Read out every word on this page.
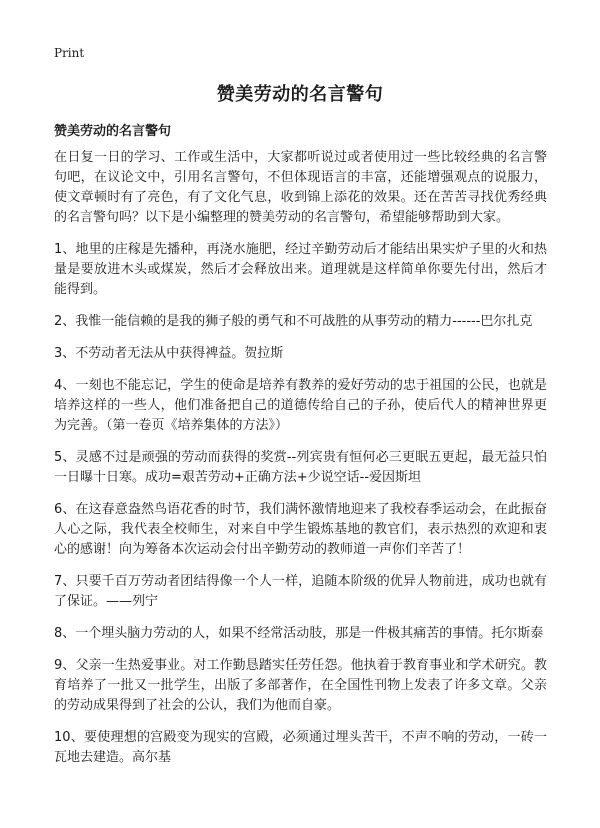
Print
赞美劳动的名言警句
赞美劳动的名言警句

在日复一日的学习、工作或生活中，大家都听说过或者使用过一些比较经典的名言警句吧，在议论文中，引用名言警句，不但体现语言的丰富，还能增强观点的说服力，使文章顿时有了亮色，有了文化气息，收到锦上添花的效果。还在苦苦寻找优秀经典的名言警句吗？以下是小编整理的赞美劳动的名言警句，希望能够帮助到大家。

1、地里的庄稼是先播种，再浇水施肥，经过辛勤劳动后才能结出果实炉子里的火和热量是要放进木头或煤炭，然后才会释放出来。道理就是这样简单你要先付出，然后才能得到。

2、我惟一能信赖的是我的狮子般的勇气和不可战胜的从事劳动的精力------巴尔扎克

3、不劳动者无法从中获得裨益。贺拉斯

4、一刻也不能忘记，学生的使命是培养有教养的爱好劳动的忠于祖国的公民，也就是培养这样的一些人，他们准备把自己的道德传给自己的子孙，使后代人的精神世界更为完善。（第一卷页《培养集体的方法》）

5、灵感不过是顽强的劳动而获得的奖赏--列宾贵有恒何必三更眠五更起，最无益只怕一日曝十日寒。成功=艰苦劳动+正确方法+少说空话--爱因斯坦

6、在这春意盎然鸟语花香的时节，我们满怀激情地迎来了我校春季运动会，在此振奋人心之际，我代表全校师生，对来自中学生锻炼基地的教官们，表示热烈的欢迎和衷心的感谢！向为筹备本次运动会付出辛勤劳动的教师道一声你们辛苦了！

7、只要千百万劳动者团结得像一个人一样，追随本阶级的优异人物前进，成功也就有了保证。——列宁

8、一个埋头脑力劳动的人，如果不经常活动肢，那是一件极其痛苦的事情。托尔斯泰

9、父亲一生热爱事业。对工作勤恳踏实任劳任怨。他执着于教育事业和学术研究。教育培养了一批又一批学生，出版了多部著作，在全国性刊物上发表了许多文章。父亲的劳动成果得到了社会的公认，我们为他而自豪。

10、要使理想的宫殿变为现实的宫殿，必须通过埋头苦干，不声不响的劳动，一砖一瓦地去建造。高尔基
